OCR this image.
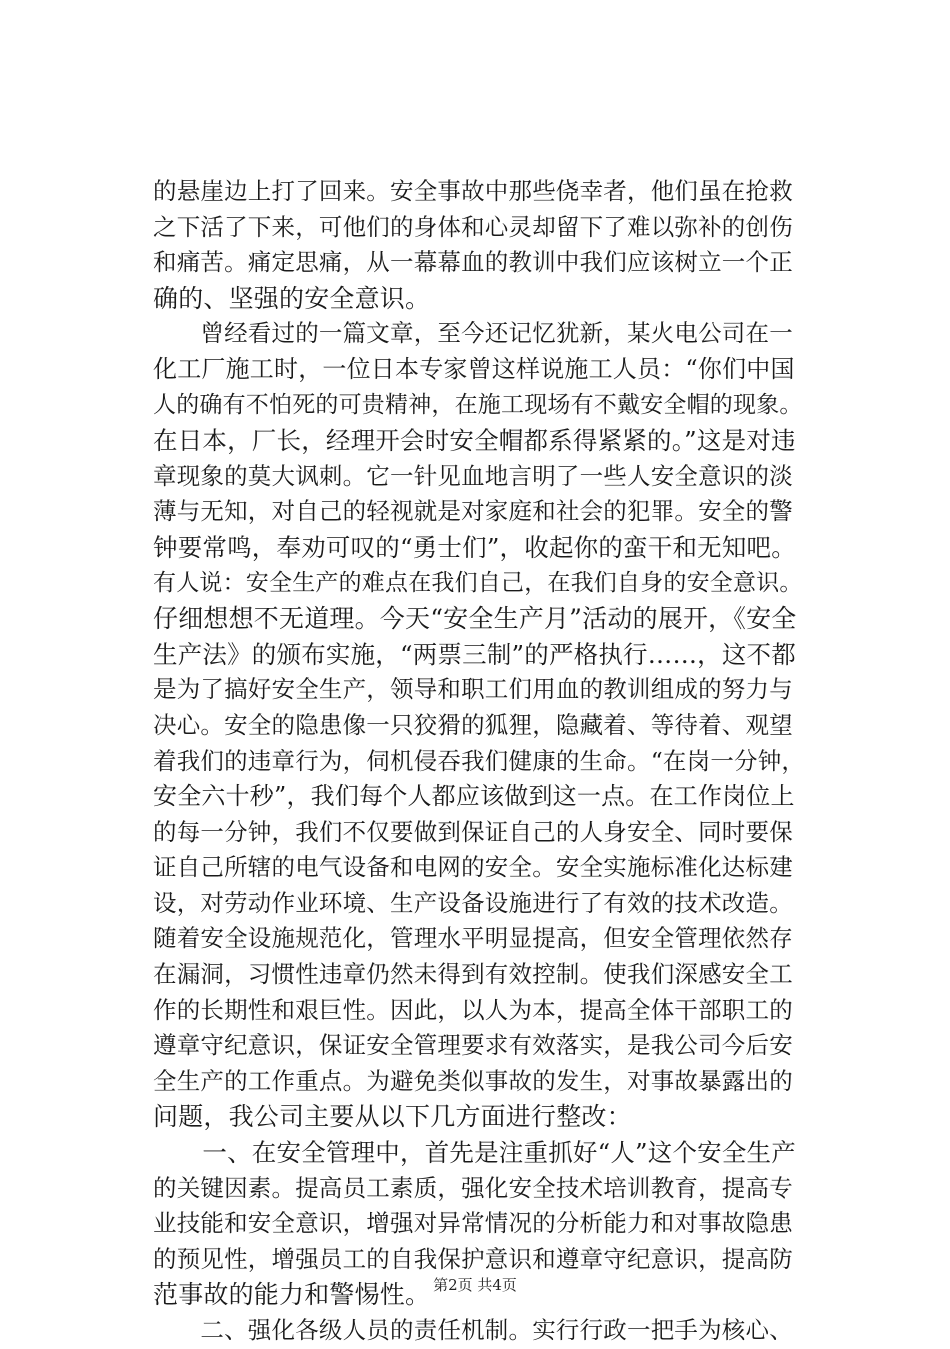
的悬崖边上打了回来。安全事故中那些侥幸者，他们虽在抢救
之下活了下来，可他们的身体和心灵却留下了难以弥补的创伤
和痛苦。痛定思痛，从一幕幕血的教训中我们应该树立一个正
确的、坚强的安全意识。
　　曾经看过的一篇文章，至今还记忆犹新，某火电公司在一
化工厂施工时，一位日本专家曾这样说施工人员：“你们中国
人的确有不怕死的可贵精神，在施工现场有不戴安全帽的现象。
在日本，厂长，经理开会时安全帽都系得紧紧的。”这是对违
章现象的莫大讽刺。它一针见血地言明了一些人安全意识的淡
薄与无知，对自己的轻视就是对家庭和社会的犯罪。安全的警
钟要常鸣，奉劝可叹的“勇士们”，收起你的蛮干和无知吧。
有人说：安全生产的难点在我们自己，在我们自身的安全意识。
仔细想想不无道理。今天“安全生产月”活动的展开，《安全
生产法》的颁布实施，“两票三制”的严格执行……，这不都
是为了搞好安全生产，领导和职工们用血的教训组成的努力与
决心。安全的隐患像一只狡猾的狐狸，隐藏着、等待着、观望
着我们的违章行为，伺机侵吞我们健康的生命。“在岗一分钟，
安全六十秒”，我们每个人都应该做到这一点。在工作岗位上
的每一分钟，我们不仅要做到保证自己的人身安全、同时要保
证自己所辖的电气设备和电网的安全。安全实施标准化达标建
设，对劳动作业环境、生产设备设施进行了有效的技术改造。
随着安全设施规范化，管理水平明显提高，但安全管理依然存
在漏洞，习惯性违章仍然未得到有效控制。使我们深感安全工
作的长期性和艰巨性。因此，以人为本，提高全体干部职工的
遵章守纪意识，保证安全管理要求有效落实，是我公司今后安
全生产的工作重点。为避免类似事故的发生，对事故暴露出的
问题，我公司主要从以下几方面进行整改：
　　一、在安全管理中，首先是注重抓好“人”这个安全生产
的关键因素。提高员工素质，强化安全技术培训教育，提高专
业技能和安全意识，增强对异常情况的分析能力和对事故隐患
的预见性，增强员工的自我保护意识和遵章守纪意识，提高防
范事故的能力和警惕性。
　　二、强化各级人员的责任机制。实行行政一把手为核心、
第2页 共4页
